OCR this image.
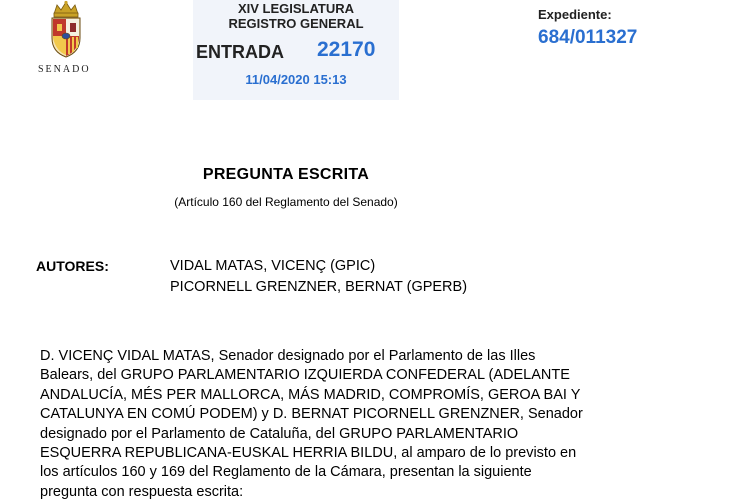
SENADO
XIV LEGISLATURA
REGISTRO GENERAL
ENTRADA 22170
11/04/2020 15:13
Expediente:
684/011327
PREGUNTA ESCRITA
(Artículo 160 del Reglamento del Senado)
AUTORES:	VIDAL MATAS, VICENÇ (GPIC)
PICORNELL GRENZNER, BERNAT (GPERB)
D. VICENÇ VIDAL MATAS, Senador designado por el Parlamento de las Illes
Balears, del GRUPO PARLAMENTARIO IZQUIERDA CONFEDERAL (ADELANTE
ANDALUCÍA, MÉS PER MALLORCA, MÁS MADRID, COMPROMÍS, GEROA BAI Y
CATALUNYA EN COMÚ PODEM) y D. BERNAT PICORNELL GRENZNER, Senador
designado por el Parlamento de Cataluña, del GRUPO PARLAMENTARIO
ESQUERRA REPUBLICANA-EUSKAL HERRIA BILDU, al amparo de lo previsto en
los artículos 160 y 169 del Reglamento de la Cámara, presentan la siguiente
pregunta con respuesta escrita:
